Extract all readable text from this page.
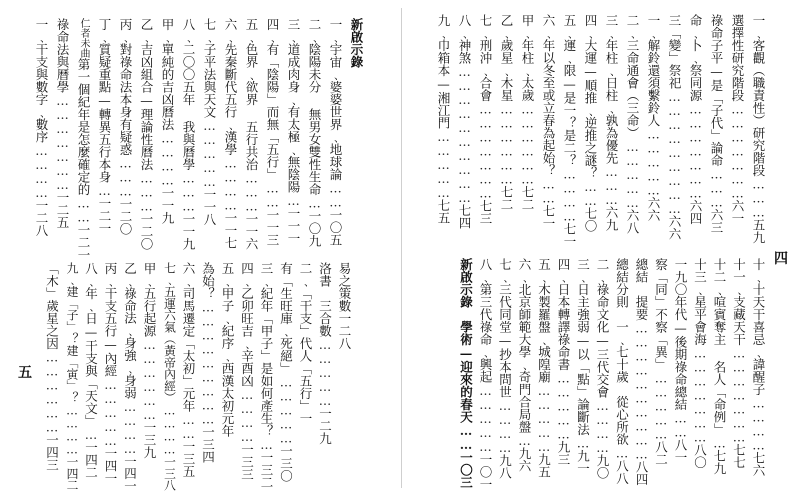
新啟示錄
一﹑宇宙﹑婆婆世界﹑地球論……一〇五
二﹑陰陽未分 無男女雙性生命…一〇九
三﹑道成肉身﹑有太極﹑無陰陽…一一一
四﹑有「陰陽」而無「五行」……一一三
五﹑色界﹑欲界 五行共治………一一六
六﹑先秦斷代五行﹑漢學…………一一七
七﹑子平法與天文……………一一八
八﹑二〇〇五年 我與曆學………一一九
甲﹑單純的吉凶曆法…………一一九
乙﹑吉凶組合—理論性曆法………一二〇
丙﹑對祿命法本身有疑惑………一二〇
丁﹑質疑重點—轉異五行本身…一二一
仁者未曲第一個紀年是怎麼確定的……一二一
祿命法與曆學…………………一二五
一﹑干支與數字﹑數序…………一二八
易之策數一二八
洛書　三合數……………一二九
二﹑「干支」代人「五行」一
有「生旺庫﹑死絕」……………一三〇
三﹑紀年「甲子」是如何產生？…一三二
四﹑乙卯旺吉﹑辛酉凶…………一三三
五﹑甲子﹑紀序﹑西漢太初元年
為始？………………………一三四
六﹑司馬遷定「太初」元年……一三五
七﹑五運六氣（黃帝內經）…………一三八
甲﹑五行起源………………一三九
乙﹑祿命法﹑身強﹑身弱…………一四一
丙﹑干支五行—內經……………一四一
八﹑年﹑日—干支與「天文」…一四二
九﹑建「子」？建「寅」？…………一四二
「木」歲星之因………………一四三
五
一﹑客觀（職責性）研究階段………五九
選擇性研究階段…………………六一
祿命子平—是「子代」論命………六三
命﹑卜﹑祭同源…………………六四
三「變」祭祀………………………六六
一﹑解鈴還須繫鈴人……………六六
二﹑三命通會（三命）……………六八
三﹑年柱﹑日柱﹑孰為優先………六九
四﹑大運—順推﹑逆推之謎？……七〇
五﹑運﹑限—是一？是二？…………七一
六﹑年以冬至或立春為起始？……七一
甲﹑年柱﹑太歲………………七二
乙﹑歲星﹑木星………………七二
七﹑刑沖﹑合會…………………七三
八﹑神煞…………………………七四
九﹑巾箱本—湘江門……………七五
十﹑十天干喜忌﹑諱醒子…………七六
十一﹑支藏天干…………………七七
十二﹑喧賓奪主 名人「命例」…七九
十三﹑星平會海…………………八〇
一九〇年代—後期祿命總結……八一
察「同」不察「異」……………八二
總結　提要…………………………八四
總結分則　一﹑七十歲　從心所欲…八八
二﹑祿命文化—三代交會…………九〇
三﹑日主強弱—以「點」論斷法…九一
四﹑日本轉譯祿命書……………九三
五﹑木製羅盤﹑城隍廟……………九五
六﹑北京師範大學﹑奇門合局盤…九六
七﹑三代同堂—抄本問世…………九八
八﹑第三代祿命﹑興起……………一〇一
新啟示錄　學術—迎來的春天……一〇三
四
